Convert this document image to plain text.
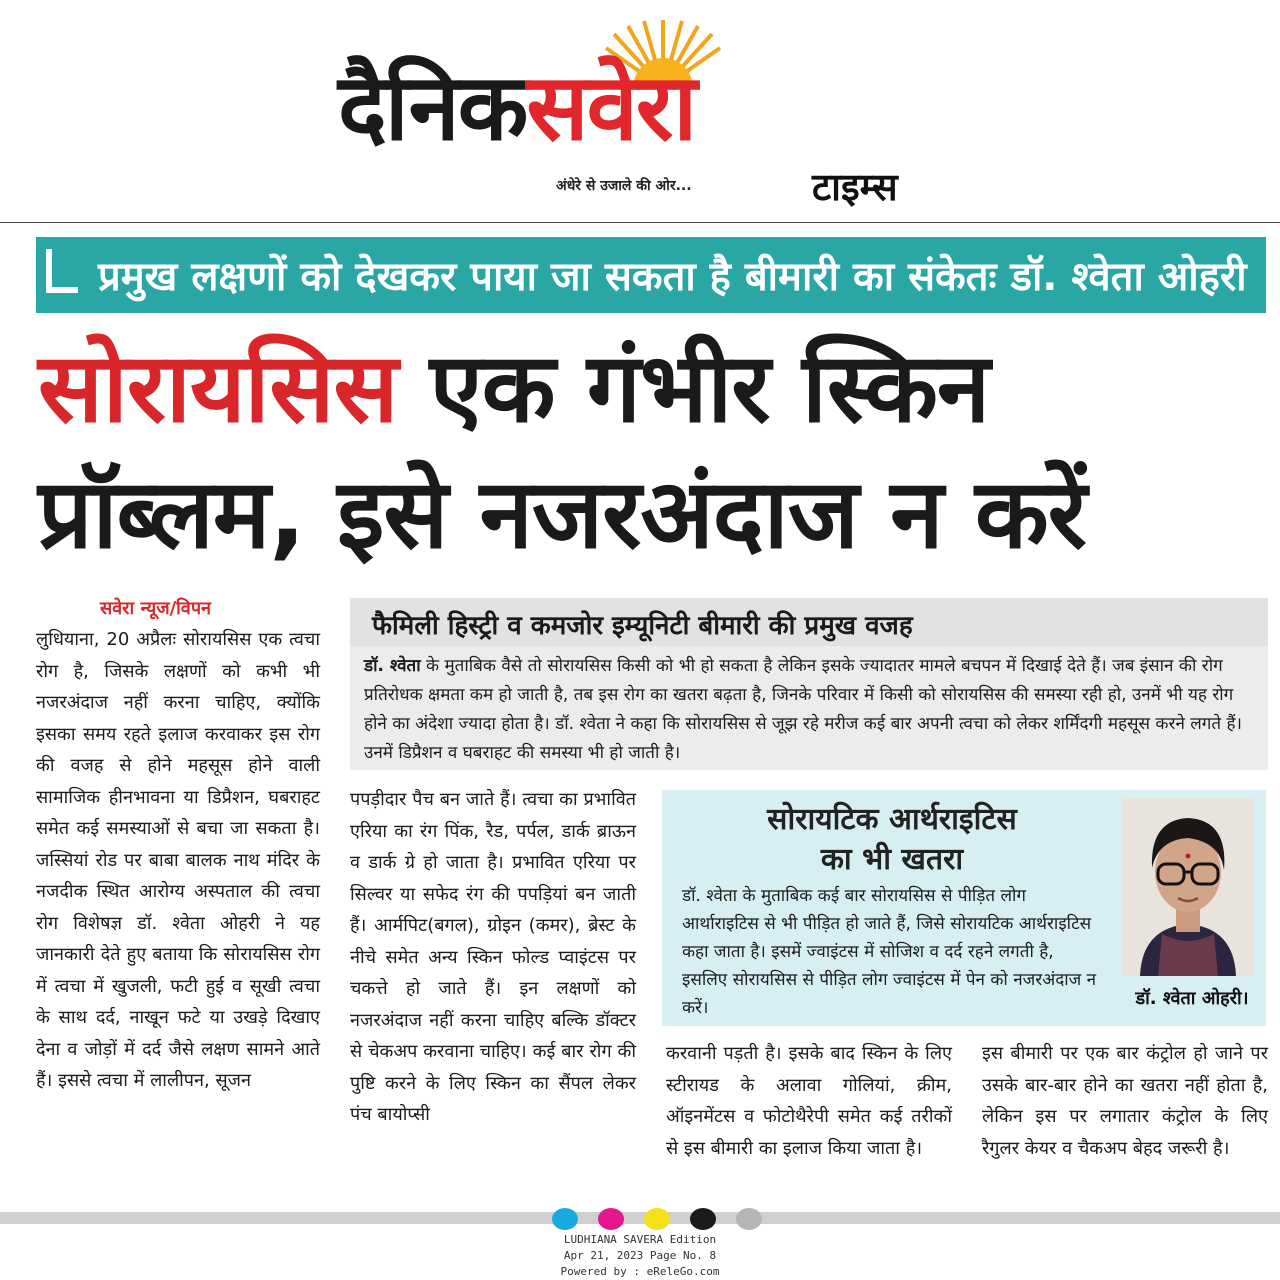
दैनिकसवेरा
अंधेरे से उजाले की ओर...	टाइम्स
प्रमुख लक्षणों को देखकर पाया जा सकता है बीमारी का संकेतः डॉ. श्वेता ओहरी
सोरायसिस एक गंभीर स्किन
प्रॉब्लम, इसे नजरअंदाज न करें
सवेरा न्यूज/विपन
लुधियाना, 20 अप्रैलः सोरायसिस एक त्वचा रोग है, जिसके लक्षणों को कभी भी नजरअंदाज नहीं करना चाहिए, क्योंकि इसका समय रहते इलाज करवाकर इस रोग की वजह से होने महसूस होने वाली सामाजिक हीनभावना या डिप्रैशन, घबराहट समेत कई समस्याओं से बचा जा सकता है। जस्सियां रोड पर बाबा बालक नाथ मंदिर के नजदीक स्थित आरोग्य अस्पताल की त्वचा रोग विशेषज्ञ डॉ. श्वेता ओहरी ने यह जानकारी देते हुए बताया कि सोरायसिस रोग में त्वचा में खुजली, फटी हुई व सूखी त्वचा के साथ दर्द, नाखून फटे या उखड़े दिखाए देना व जोड़ों में दर्द जैसे लक्षण सामने आते हैं। इससे त्वचा में लालीपन, सूजन
फैमिली हिस्ट्री व कमजोर इम्यूनिटी बीमारी की प्रमुख वजह

डॉ. श्वेता के मुताबिक वैसे तो सोरायसिस किसी को भी हो सकता है लेकिन इसके ज्यादातर मामले बचपन में दिखाई देते हैं। जब इंसान की रोग प्रतिरोधक क्षमता कम हो जाती है, तब इस रोग का खतरा बढ़ता है, जिनके परिवार में किसी को सोरायसिस की समस्या रही हो, उनमें भी यह रोग होने का अंदेशा ज्यादा होता है। डॉ. श्वेता ने कहा कि सोरायसिस से जूझ रहे मरीज कई बार अपनी त्वचा को लेकर शर्मिंदगी महसूस करने लगते हैं। उनमें डिप्रैशन व घबराहट की समस्या भी हो जाती है।

पपड़ीदार पैच बन जाते हैं। त्वचा का प्रभावित एरिया का रंग पिंक, रैड, पर्पल, डार्क ब्राऊन व डार्क ग्रे हो जाता है। प्रभावित एरिया पर सिल्वर या सफेद रंग की पपड़ियां बन जाती हैं। आर्मपिट(बगल), ग्रोइन (कमर), ब्रेस्ट के नीचे समेत अन्य स्किन फोल्ड प्वाइंटस पर चकत्ते हो जाते हैं। इन लक्षणों को नजरअंदाज नहीं करना चाहिए बल्कि डॉक्टर से चेकअप करवाना चाहिए। कई बार रोग की पुष्टि करने के लिए स्किन का सैंपल लेकर पंच बायोप्सी
सोरायटिक आर्थराइटिस
का भी खतरा
डॉ. श्वेता के मुताबिक कई बार सोरायसिस से पीड़ित लोग आर्थाराइटिस से भी पीड़ित हो जाते हैं, जिसे सोरायटिक आर्थराइटिस कहा जाता है। इसमें ज्वाइंटस में सोजिश व दर्द रहने लगती है, इसलिए सोरायसिस से पीड़ित लोग ज्वाइंटस में पेन को नजरअंदाज न करें।	डॉ. श्वेता ओहरी।
करवानी पड़ती है। इसके बाद स्किन के लिए स्टीरायड के अलावा गोलियां, क्रीम, ऑइनमेंटस व फोटोथैरेपी समेत कई तरीकों से इस बीमारी का इलाज किया जाता है।
इस बीमारी पर एक बार कंट्रोल हो जाने पर उसके बार-बार होने का खतरा नहीं होता है, लेकिन इस पर लगातार कंट्रोल के लिए रैगुलर केयर व चैकअप बेहद जरूरी है।
LUDHIANA SAVERA Edition
Apr 21, 2023 Page No. 8
Powered by : eReleGo.com
